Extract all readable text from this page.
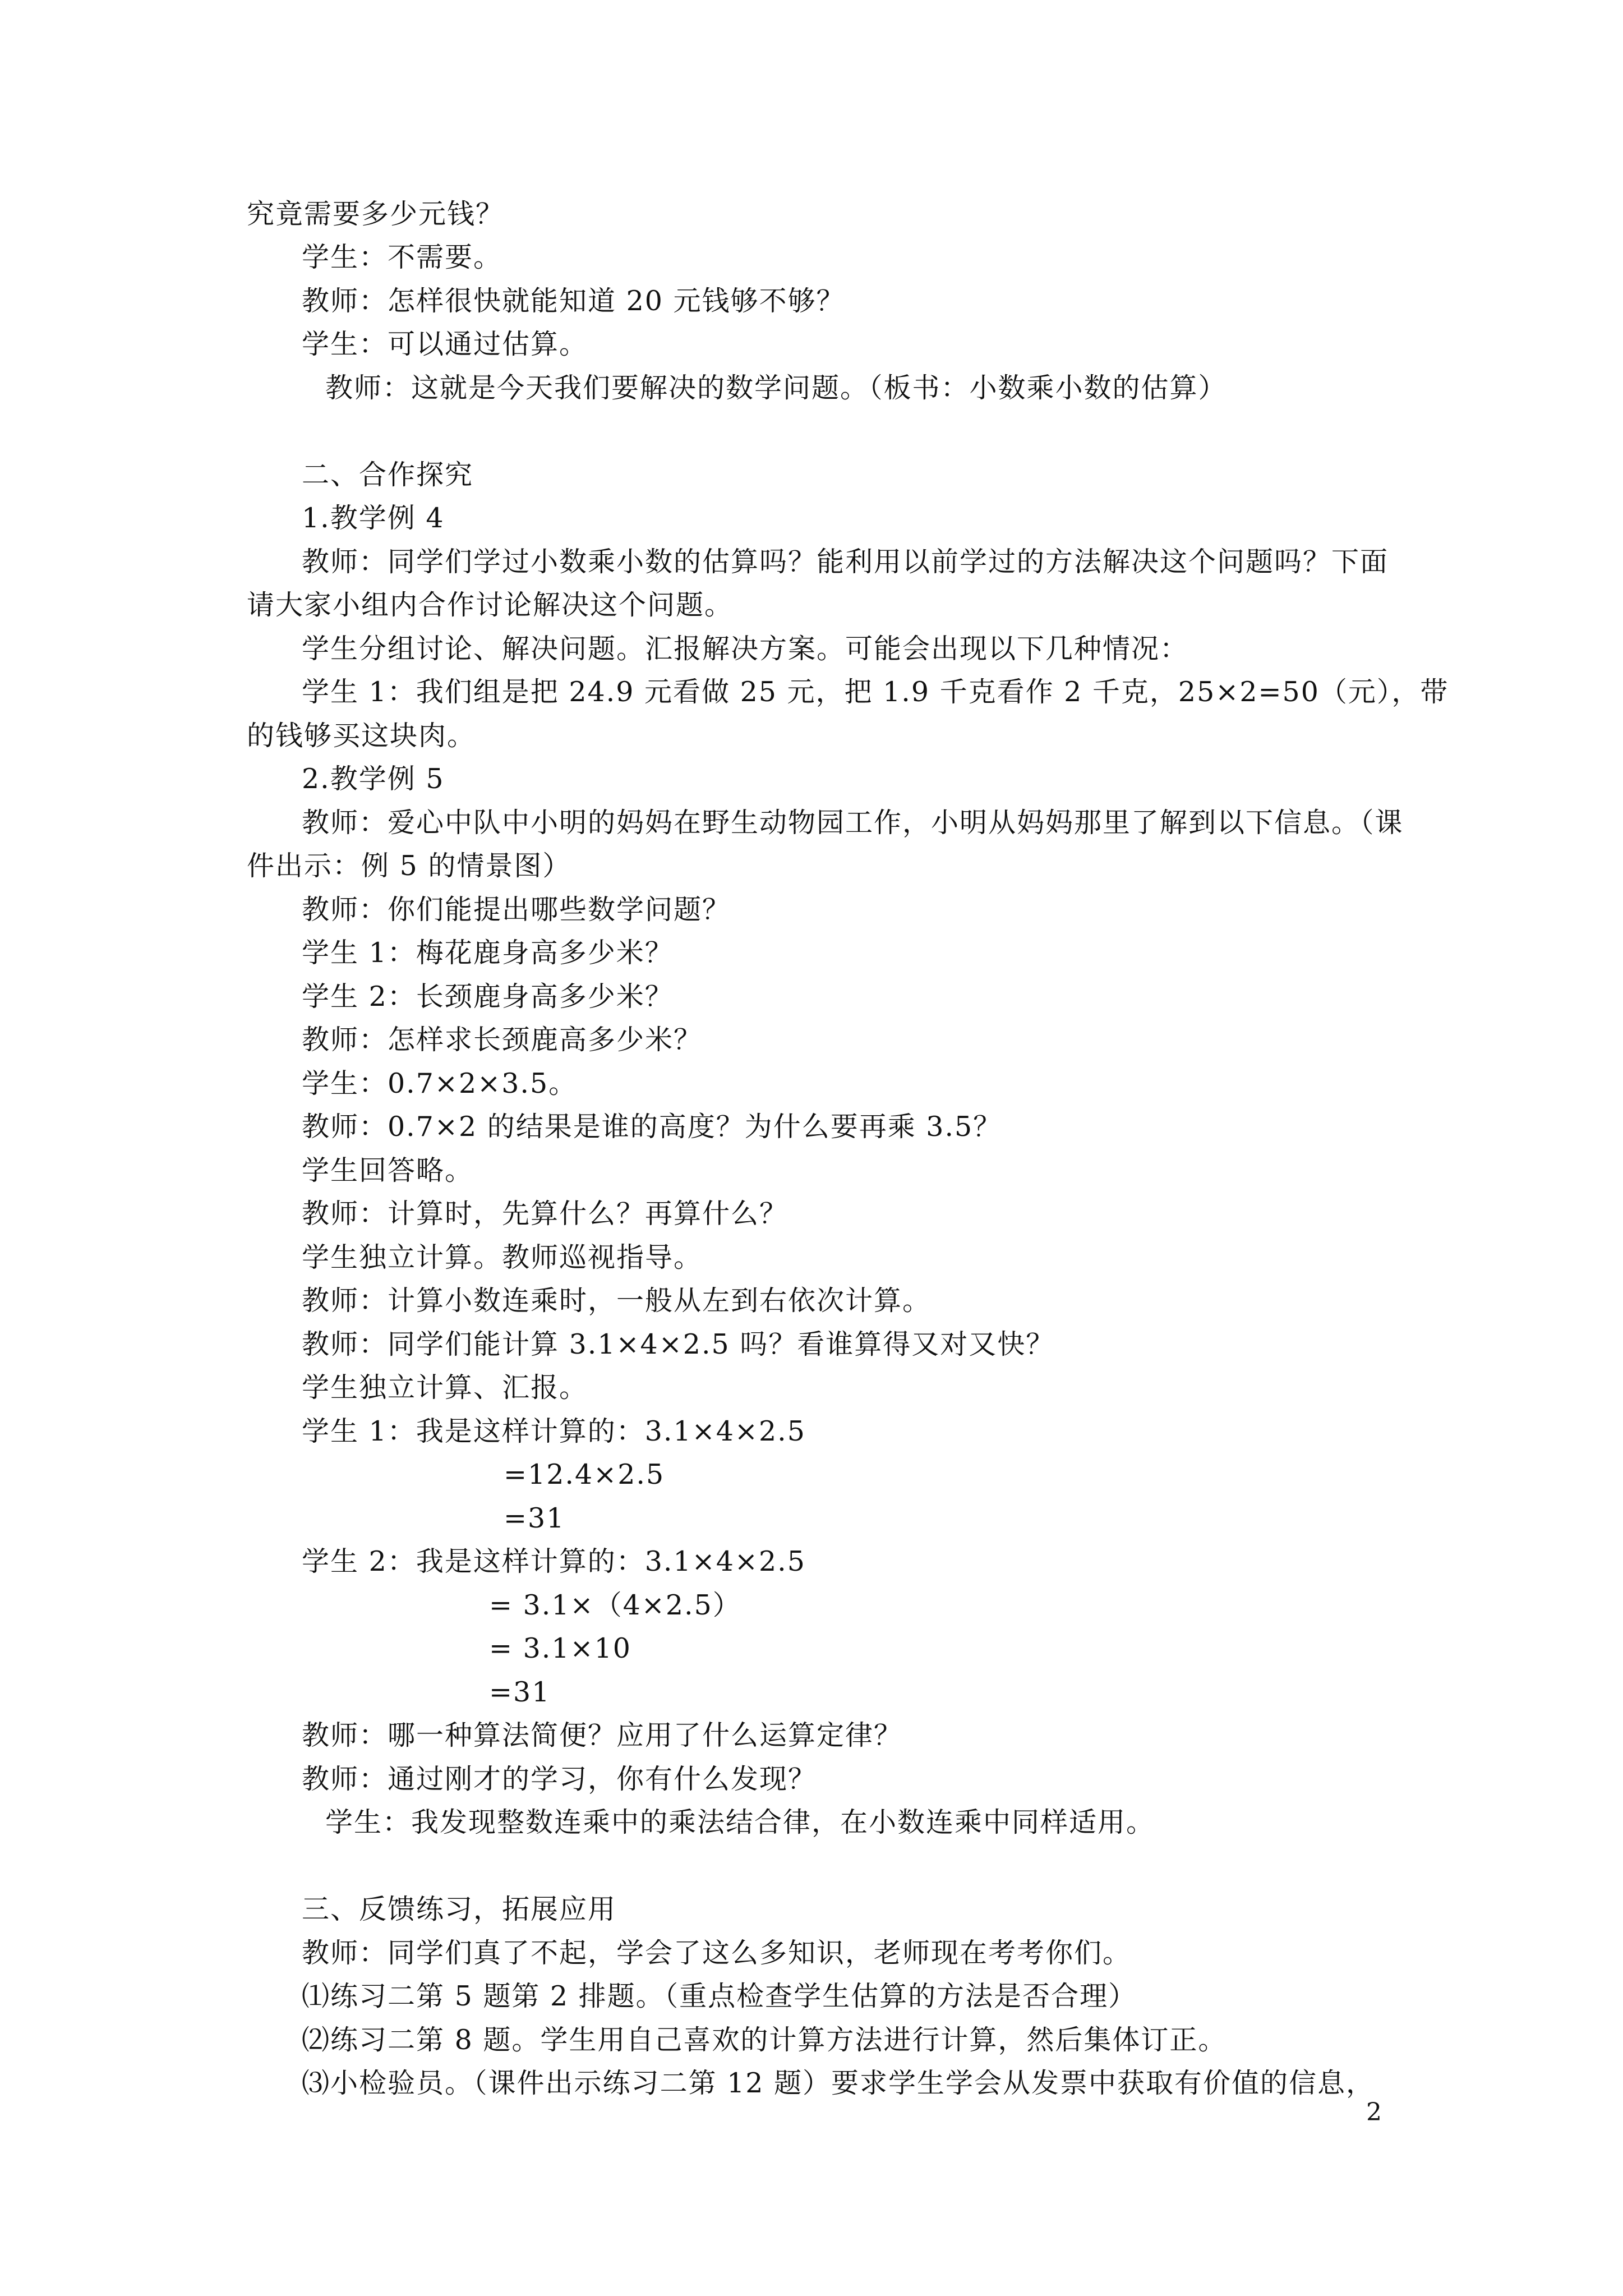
究竟需要多少元钱？
学生：不需要。
教师：怎样很快就能知道 20 元钱够不够？
学生：可以通过估算。
教师：这就是今天我们要解决的数学问题。（板书：小数乘小数的估算）
二、合作探究
1.教学例 4
教师：同学们学过小数乘小数的估算吗？能利用以前学过的方法解决这个问题吗？下面
请大家小组内合作讨论解决这个问题。
学生分组讨论、解决问题。汇报解决方案。可能会出现以下几种情况：
学生 1：我们组是把 24.9 元看做 25 元，把 1.9 千克看作 2 千克，25×2=50（元），带
的钱够买这块肉。
2.教学例 5
教师：爱心中队中小明的妈妈在野生动物园工作，小明从妈妈那里了解到以下信息。（课
件出示：例 5 的情景图）
教师：你们能提出哪些数学问题？
学生 1：梅花鹿身高多少米？
学生 2：长颈鹿身高多少米？
教师：怎样求长颈鹿高多少米？
学生：0.7×2×3.5。
教师：0.7×2 的结果是谁的高度？为什么要再乘 3.5？
学生回答略。
教师：计算时，先算什么？再算什么？
学生独立计算。教师巡视指导。
教师：计算小数连乘时，一般从左到右依次计算。
教师：同学们能计算 3.1×4×2.5 吗？看谁算得又对又快？
学生独立计算、汇报。
学生 1：我是这样计算的：3.1×4×2.5
=12.4×2.5
=31
学生 2：我是这样计算的：3.1×4×2.5
= 3.1×（4×2.5）
= 3.1×10
=31
教师：哪一种算法简便？应用了什么运算定律？
教师：通过刚才的学习，你有什么发现？
学生：我发现整数连乘中的乘法结合律，在小数连乘中同样适用。
三、反馈练习，拓展应用
教师：同学们真了不起，学会了这么多知识，老师现在考考你们。
⑴练习二第 5 题第 2 排题。（重点检查学生估算的方法是否合理）
⑵练习二第 8 题。学生用自己喜欢的计算方法进行计算，然后集体订正。
⑶小检验员。（课件出示练习二第 12 题）要求学生学会从发票中获取有价值的信息，
2
